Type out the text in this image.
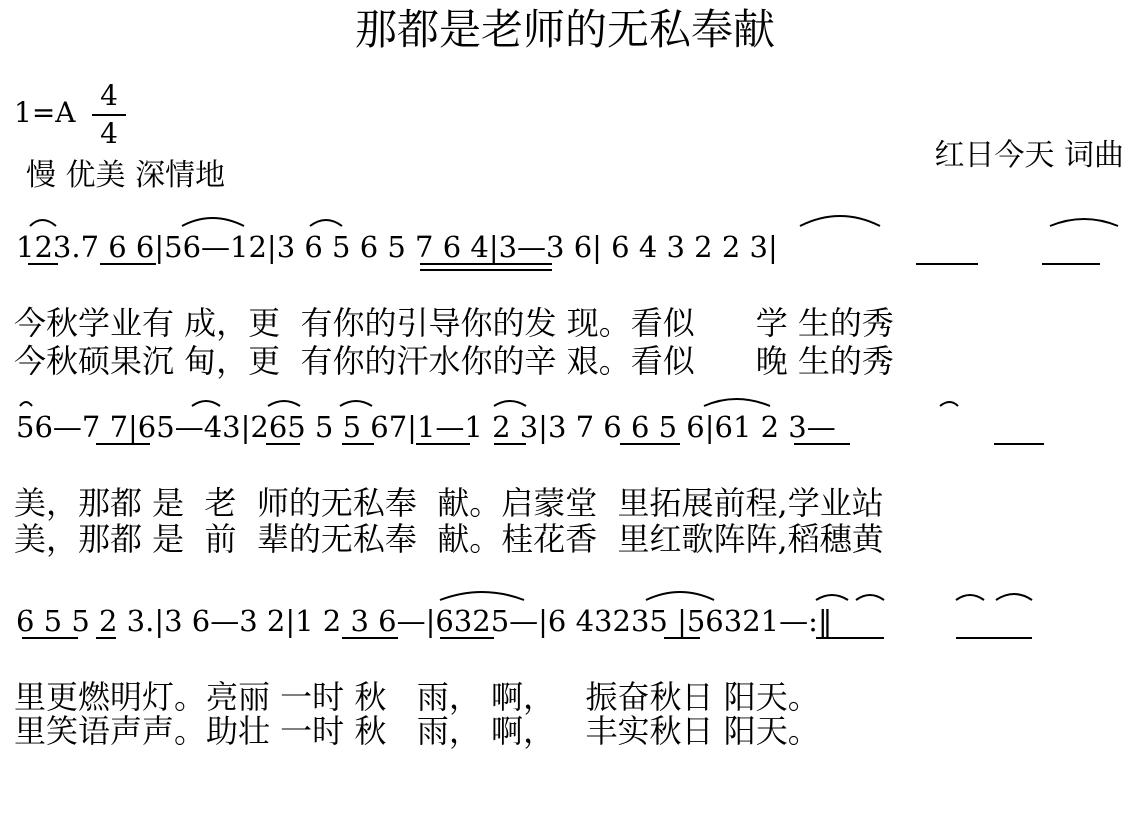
那都是老师的无私奉献
1=A
4
4
慢 优美 深情地
红日今天 词曲
123.7 6 6|56—12|3 6 5 6 5 7 6 4|3—3 6| 6 4 3 2 2 3|
今秋学业有 成，更  有你的引导你的发 现。看似      学 生的秀
今秋硕果沉 甸，更  有你的汗水你的辛 艰。看似      晚 生的秀
56—7 7|65—43|265 5 5 67|1—1 2 3|3 7 6 6 5 6|61 2 3—
美，那都 是  老  师的无私奉  献。启蒙堂  里拓展前程,学业站
美，那都 是  前  辈的无私奉  献。桂花香  里红歌阵阵,稻穗黄
6 5 5 2 3.|3 6—3 2|1 2 3 6—|6325—|6 43235 |56321—:‖
里更燃明灯。亮丽 一时 秋   雨， 啊，   振奋秋日 阳天。
里笑语声声。助壮 一时 秋   雨， 啊，   丰实秋日 阳天。
